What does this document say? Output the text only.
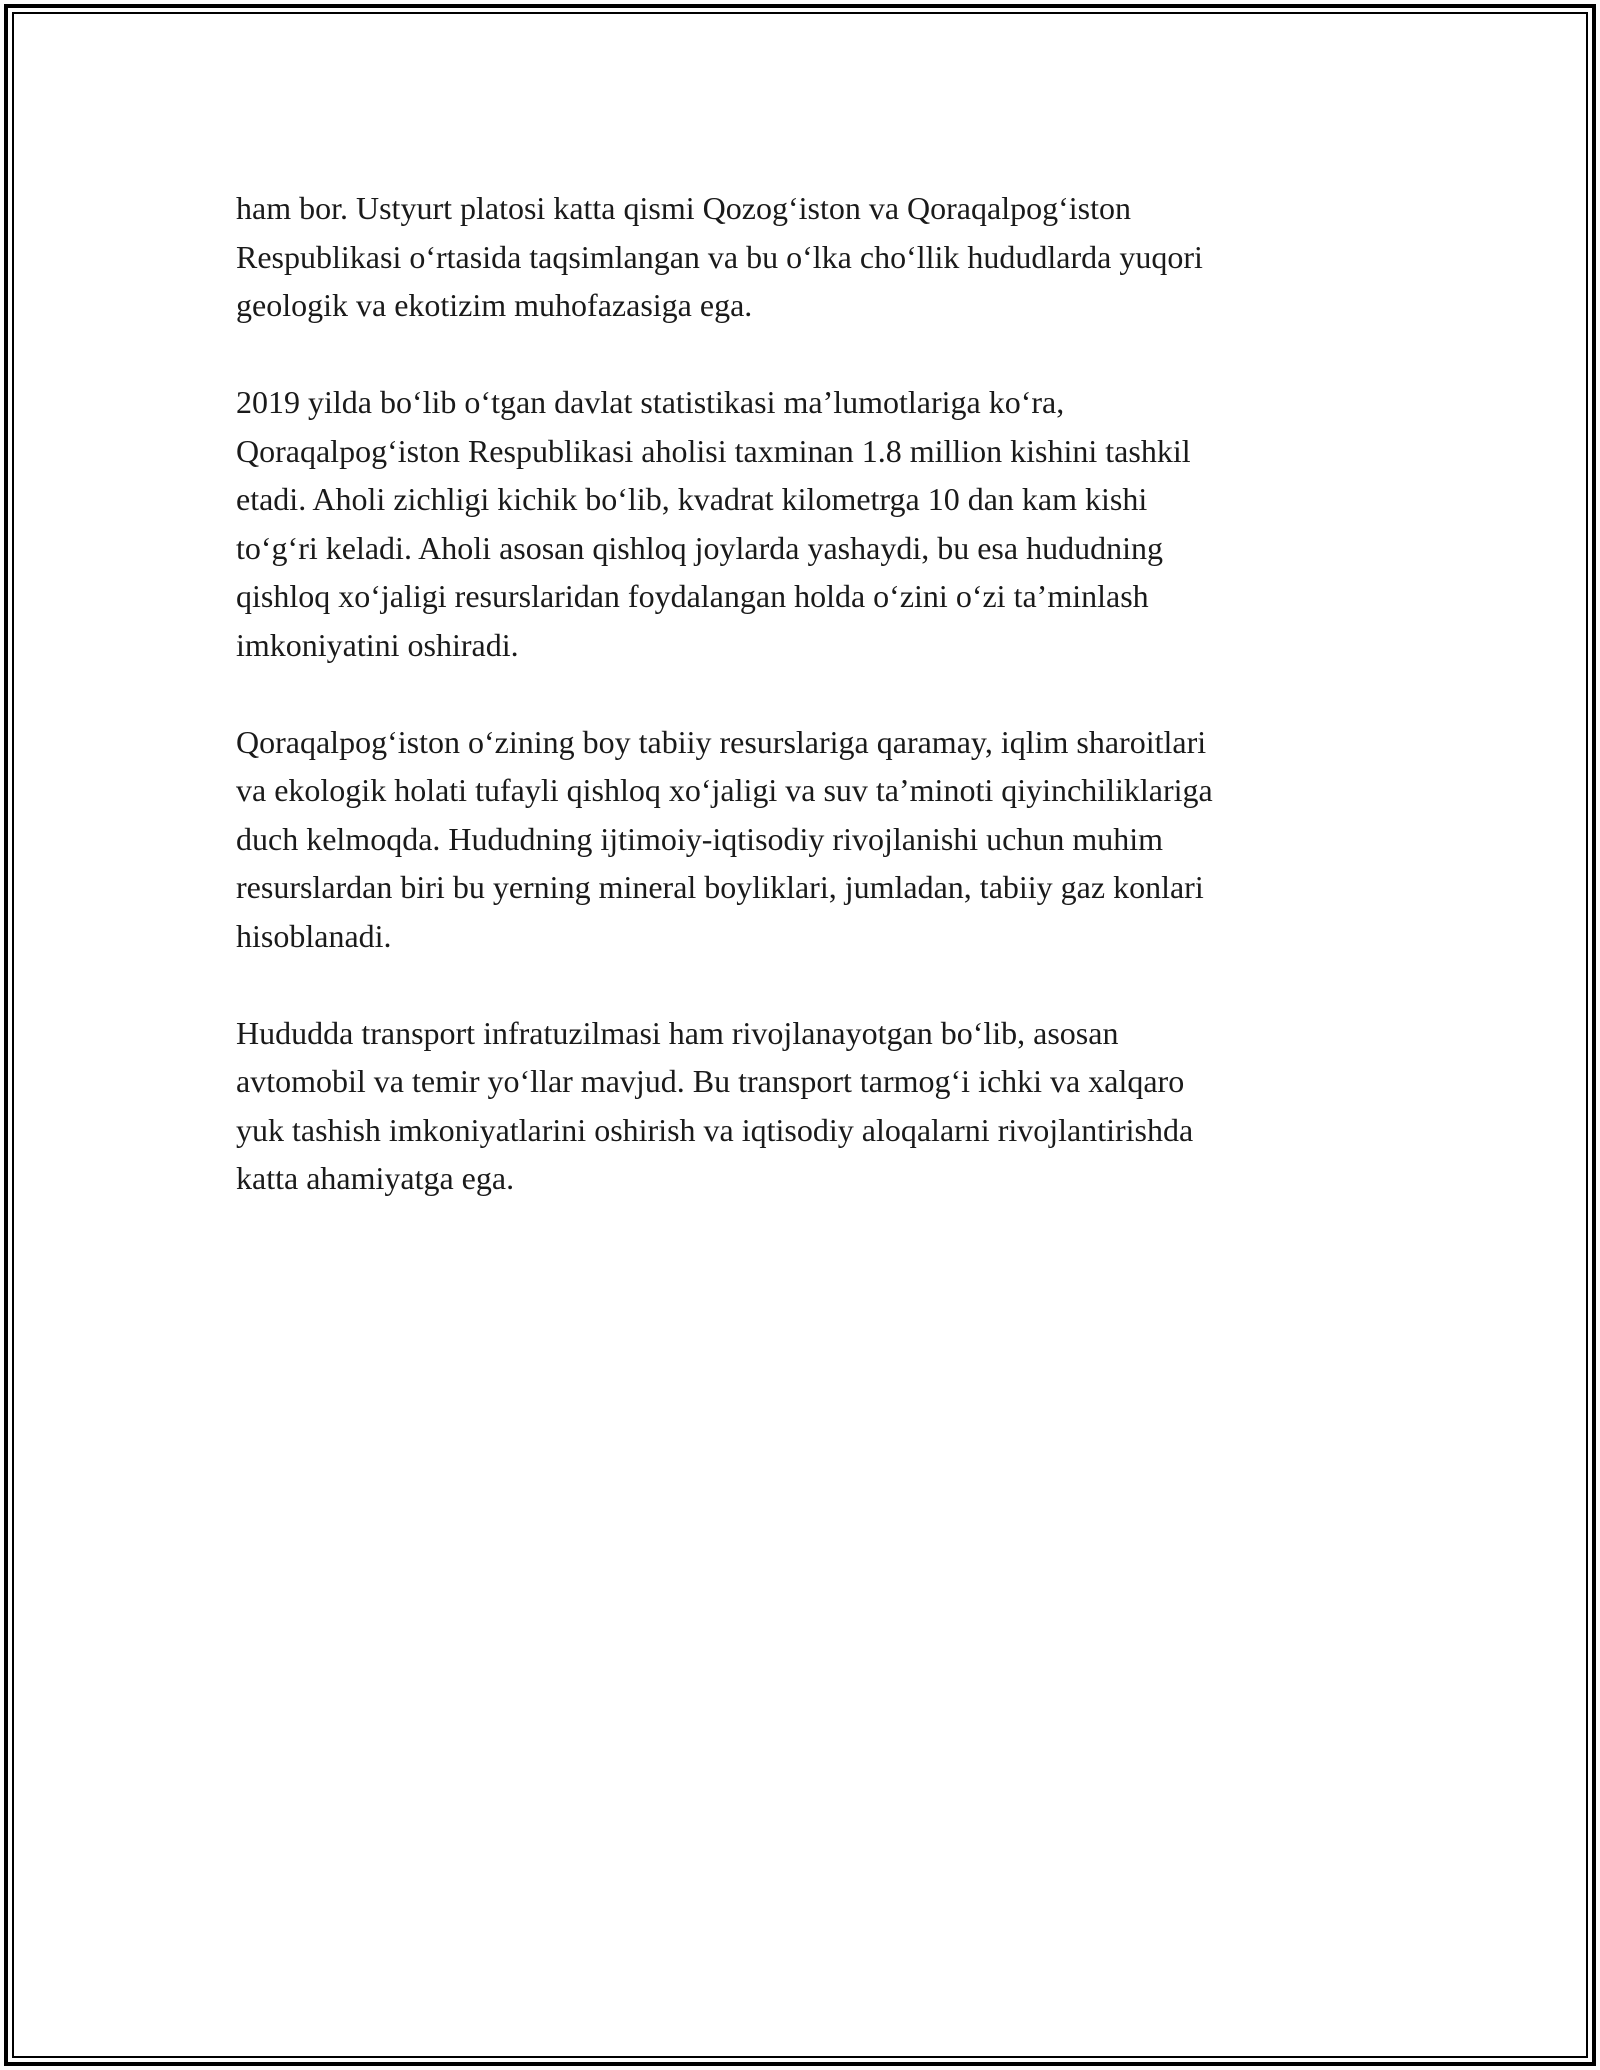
ham bor. Ustyurt platosi katta qismi Qozog‘iston va Qoraqalpog‘iston
Respublikasi o‘rtasida taqsimlangan va bu o‘lka cho‘llik hududlarda yuqori
geologik va ekotizim muhofazasiga ega.

2019 yilda bo‘lib o‘tgan davlat statistikasi ma’lumotlariga ko‘ra,
Qoraqalpog‘iston Respublikasi aholisi taxminan 1.8 million kishini tashkil
etadi. Aholi zichligi kichik bo‘lib, kvadrat kilometrga 10 dan kam kishi
to‘g‘ri keladi. Aholi asosan qishloq joylarda yashaydi, bu esa hududning
qishloq xo‘jaligi resurslaridan foydalangan holda o‘zini o‘zi ta’minlash
imkoniyatini oshiradi.

Qoraqalpog‘iston o‘zining boy tabiiy resurslariga qaramay, iqlim sharoitlari
va ekologik holati tufayli qishloq xo‘jaligi va suv ta’minoti qiyinchiliklariga
duch kelmoqda. Hududning ijtimoiy-iqtisodiy rivojlanishi uchun muhim
resurslardan biri bu yerning mineral boyliklari, jumladan, tabiiy gaz konlari
hisoblanadi.

Hududda transport infratuzilmasi ham rivojlanayotgan bo‘lib, asosan
avtomobil va temir yo‘llar mavjud. Bu transport tarmog‘i ichki va xalqaro
yuk tashish imkoniyatlarini oshirish va iqtisodiy aloqalarni rivojlantirishda
katta ahamiyatga ega.
